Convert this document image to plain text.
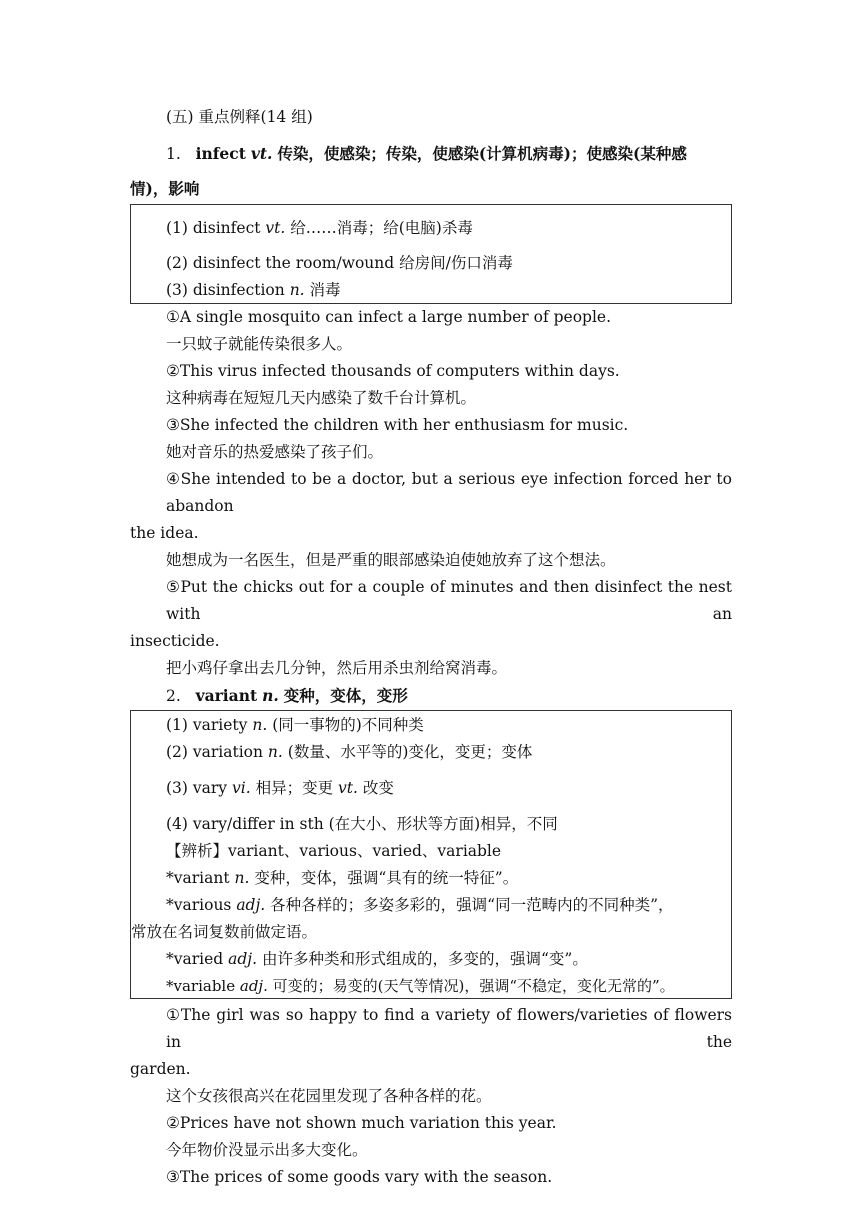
(五) 重点例释(14 组)
1. infect vt. 传染，使感染；传染，使感染(计算机病毒)；使感染(某种感
情)，影响
(1) disinfect vt. 给……消毒；给(电脑)杀毒
(2) disinfect the room/wound 给房间/伤口消毒
(3) disinfection n. 消毒
①A single mosquito can infect a large number of people.
一只蚊子就能传染很多人。
②This virus infected thousands of computers within days.
这种病毒在短短几天内感染了数千台计算机。
③She infected the children with her enthusiasm for music.
她对音乐的热爱感染了孩子们。
④She intended to be a doctor, but a serious eye infection forced her to abandon
the idea.
她想成为一名医生，但是严重的眼部感染迫使她放弃了这个想法。
⑤Put the chicks out for a couple of minutes and then disinfect the nest with an
insecticide.
把小鸡仔拿出去几分钟，然后用杀虫剂给窝消毒。
2. variant n. 变种，变体，变形
(1) variety n. (同一事物的)不同种类
(2) variation n. (数量、水平等的)变化，变更；变体
(3) vary vi. 相异；变更 vt. 改变
(4) vary/differ in sth (在大小、形状等方面)相异，不同
【辨析】variant、various、varied、variable
*variant n. 变种，变体，强调“具有的统一特征”。
*various adj. 各种各样的；多姿多彩的，强调“同一范畴内的不同种类”，
常放在名词复数前做定语。
*varied adj. 由许多种类和形式组成的，多变的，强调“变”。
*variable adj. 可变的；易变的(天气等情况)，强调“不稳定，变化无常的”。
①The girl was so happy to find a variety of flowers/varieties of flowers in the
garden.
这个女孩很高兴在花园里发现了各种各样的花。
②Prices have not shown much variation this year.
今年物价没显示出多大变化。
③The prices of some goods vary with the season.
